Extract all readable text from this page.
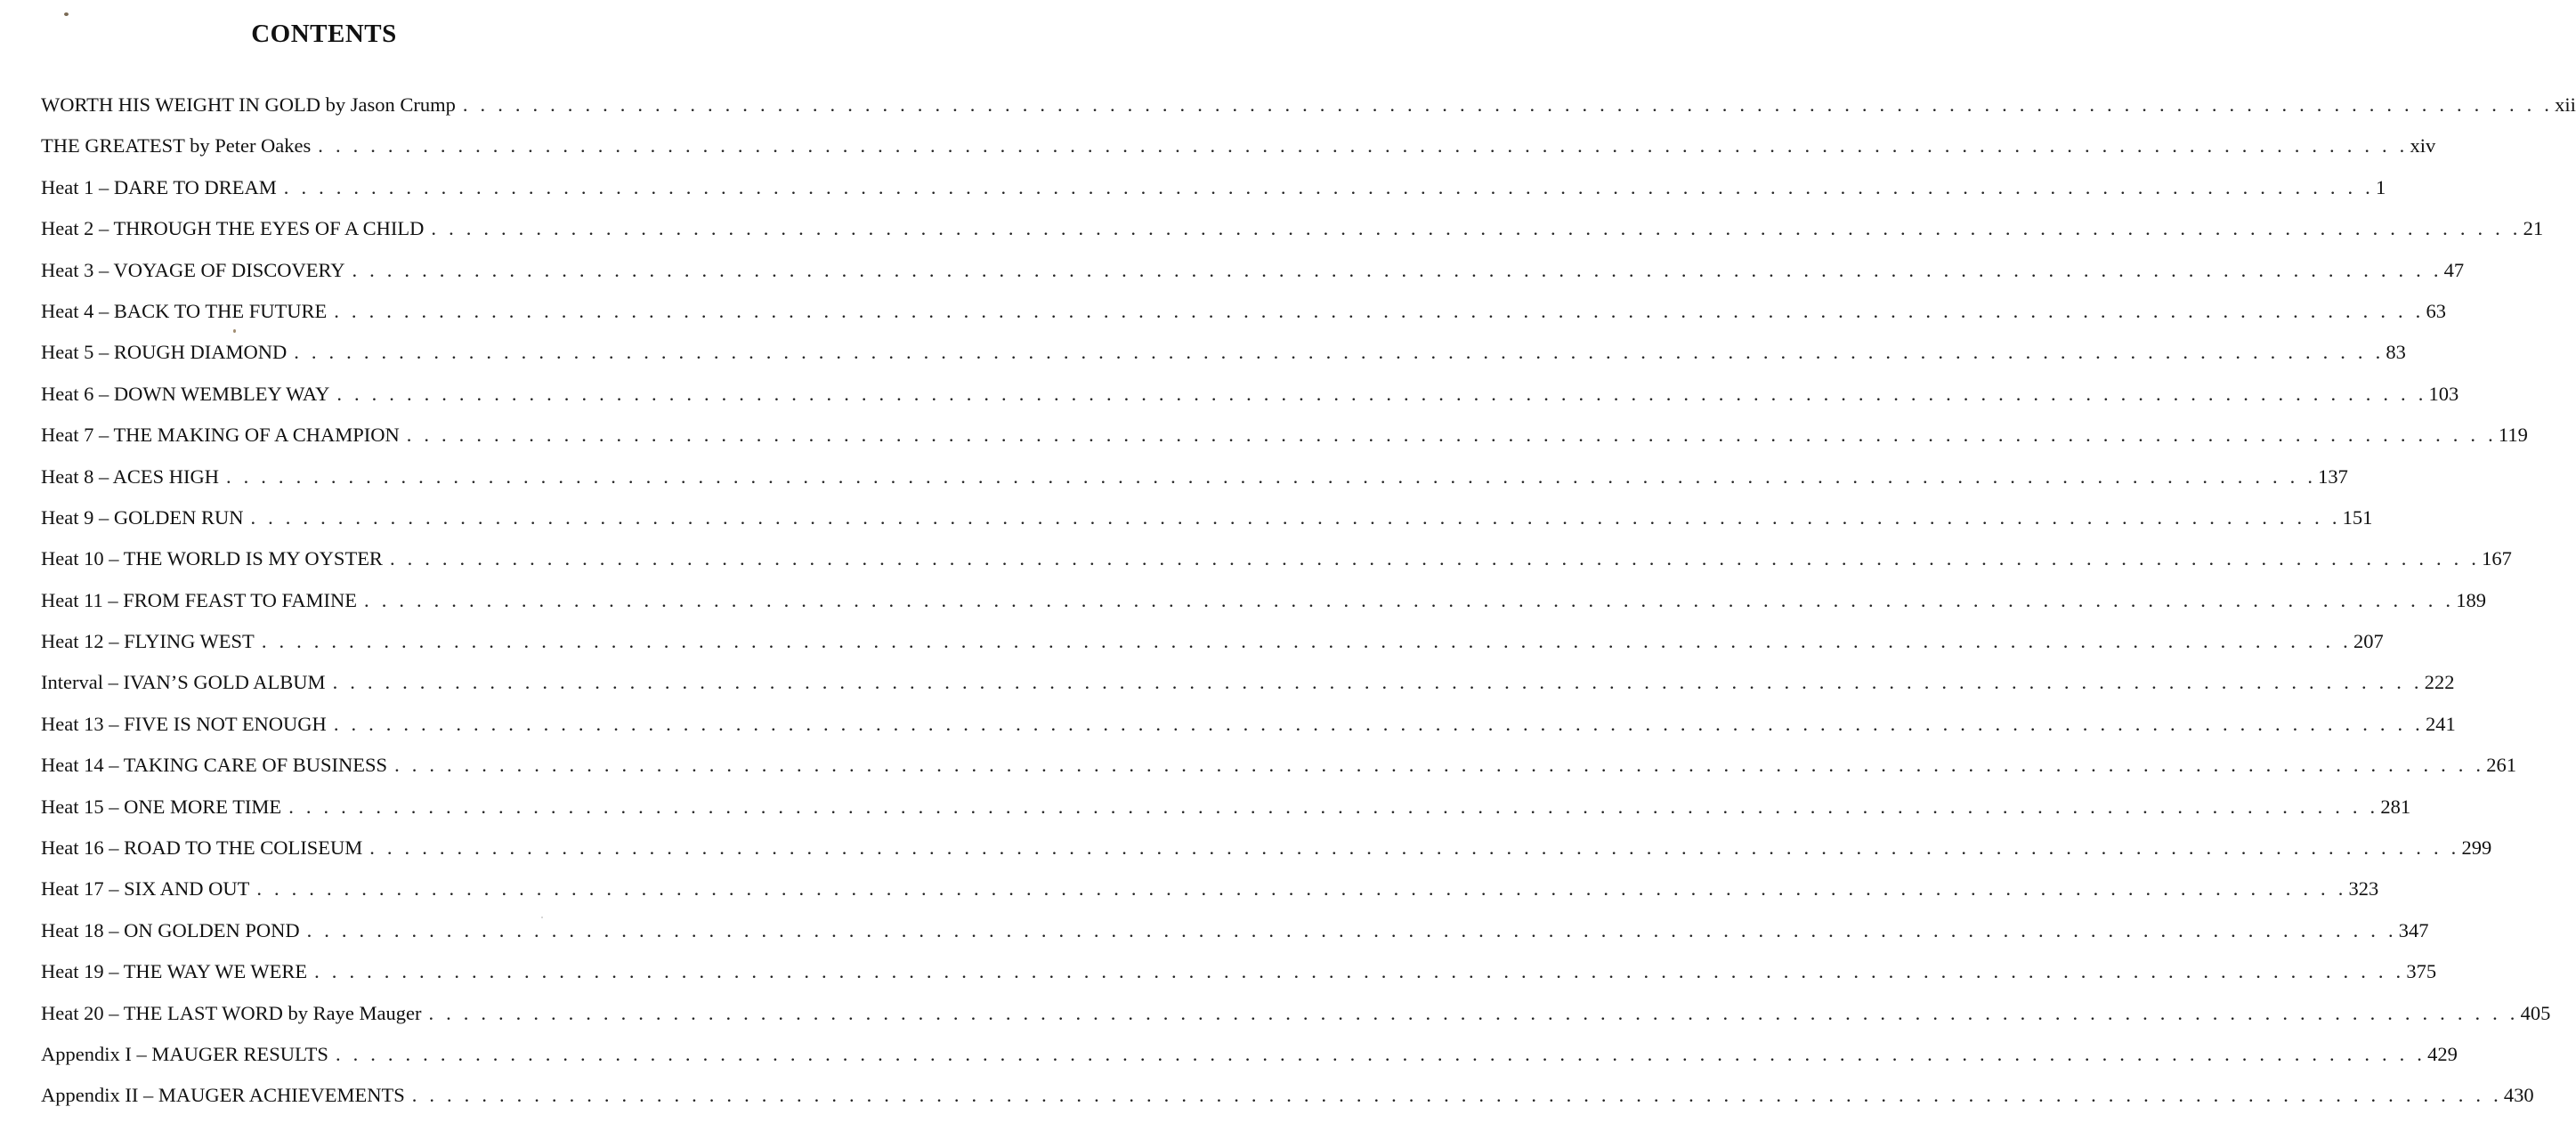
CONTENTS
WORTH HIS WEIGHT IN GOLD by Jason Crump . . . . . . . . . . . . . . . . . . . . . . . . . . . . . . . . . . . . . . . . . . . . . . . . . . . . . . . . . . . . . . . . . . . . . . . . . . . . . . . . . . . . . . . . . . . . . . . . . . . . . . . . . . . . . . . . . . . . . . . . xii
THE GREATEST by Peter Oakes . . . . . . . . . . . . . . . . . . . . . . . . . . . . . . . . . . . . . . . . . . . . . . . . . . . . . . . . . . . . . . . . . . . . . . . . . . . . . . . . . . . . . . . . . . . . . . . . . . . . . . . . . . . . . . . . . . . . . . . . xiv
Heat 1 – DARE TO DREAM . . . . . . . . . . . . . . . . . . . . . . . . . . . . . . . . . . . . . . . . . . . . . . . . . . . . . . . . . . . . . . . . . . . . . . . . . . . . . . . . . . . . . . . . . . . . . . . . . . . . . . . . . . . . . . . . . . . . . . . . 1
Heat 2 – THROUGH THE EYES OF A CHILD . . . . . . . . . . . . . . . . . . . . . . . . . . . . . . . . . . . . . . . . . . . . . . . . . . . . . . . . . . . . . . . . . . . . . . . . . . . . . . . . . . . . . . . . . . . . . . . . . . . . . . . . . . . . . . . . . . . . . . . . 21
Heat 3 – VOYAGE OF DISCOVERY . . . . . . . . . . . . . . . . . . . . . . . . . . . . . . . . . . . . . . . . . . . . . . . . . . . . . . . . . . . . . . . . . . . . . . . . . . . . . . . . . . . . . . . . . . . . . . . . . . . . . . . . . . . . . . . . . . . . . . . . 47
Heat 4 – BACK TO THE FUTURE . . . . . . . . . . . . . . . . . . . . . . . . . . . . . . . . . . . . . . . . . . . . . . . . . . . . . . . . . . . . . . . . . . . . . . . . . . . . . . . . . . . . . . . . . . . . . . . . . . . . . . . . . . . . . . . . . . . . . . . . 63
Heat 5 – ROUGH DIAMOND . . . . . . . . . . . . . . . . . . . . . . . . . . . . . . . . . . . . . . . . . . . . . . . . . . . . . . . . . . . . . . . . . . . . . . . . . . . . . . . . . . . . . . . . . . . . . . . . . . . . . . . . . . . . . . . . . . . . . . . . 83
Heat 6 – DOWN WEMBLEY WAY . . . . . . . . . . . . . . . . . . . . . . . . . . . . . . . . . . . . . . . . . . . . . . . . . . . . . . . . . . . . . . . . . . . . . . . . . . . . . . . . . . . . . . . . . . . . . . . . . . . . . . . . . . . . . . . . . . . . . . . . 103
Heat 7 – THE MAKING OF A CHAMPION . . . . . . . . . . . . . . . . . . . . . . . . . . . . . . . . . . . . . . . . . . . . . . . . . . . . . . . . . . . . . . . . . . . . . . . . . . . . . . . . . . . . . . . . . . . . . . . . . . . . . . . . . . . . . . . . . . . . . . . . 119
Heat 8 – ACES HIGH . . . . . . . . . . . . . . . . . . . . . . . . . . . . . . . . . . . . . . . . . . . . . . . . . . . . . . . . . . . . . . . . . . . . . . . . . . . . . . . . . . . . . . . . . . . . . . . . . . . . . . . . . . . . . . . . . . . . . . . . 137
Heat 9 – GOLDEN RUN . . . . . . . . . . . . . . . . . . . . . . . . . . . . . . . . . . . . . . . . . . . . . . . . . . . . . . . . . . . . . . . . . . . . . . . . . . . . . . . . . . . . . . . . . . . . . . . . . . . . . . . . . . . . . . . . . . . . . . . . 151
Heat 10 – THE WORLD IS MY OYSTER . . . . . . . . . . . . . . . . . . . . . . . . . . . . . . . . . . . . . . . . . . . . . . . . . . . . . . . . . . . . . . . . . . . . . . . . . . . . . . . . . . . . . . . . . . . . . . . . . . . . . . . . . . . . . . . . . . . . . . . . 167
Heat 11 – FROM FEAST TO FAMINE . . . . . . . . . . . . . . . . . . . . . . . . . . . . . . . . . . . . . . . . . . . . . . . . . . . . . . . . . . . . . . . . . . . . . . . . . . . . . . . . . . . . . . . . . . . . . . . . . . . . . . . . . . . . . . . . . . . . . . . . 189
Heat 12 – FLYING WEST . . . . . . . . . . . . . . . . . . . . . . . . . . . . . . . . . . . . . . . . . . . . . . . . . . . . . . . . . . . . . . . . . . . . . . . . . . . . . . . . . . . . . . . . . . . . . . . . . . . . . . . . . . . . . . . . . . . . . . . . 207
Interval – IVAN’S GOLD ALBUM . . . . . . . . . . . . . . . . . . . . . . . . . . . . . . . . . . . . . . . . . . . . . . . . . . . . . . . . . . . . . . . . . . . . . . . . . . . . . . . . . . . . . . . . . . . . . . . . . . . . . . . . . . . . . . . . . . . . . . . . 222
Heat 13 – FIVE IS NOT ENOUGH . . . . . . . . . . . . . . . . . . . . . . . . . . . . . . . . . . . . . . . . . . . . . . . . . . . . . . . . . . . . . . . . . . . . . . . . . . . . . . . . . . . . . . . . . . . . . . . . . . . . . . . . . . . . . . . . . . . . . . . . 241
Heat 14 – TAKING CARE OF BUSINESS . . . . . . . . . . . . . . . . . . . . . . . . . . . . . . . . . . . . . . . . . . . . . . . . . . . . . . . . . . . . . . . . . . . . . . . . . . . . . . . . . . . . . . . . . . . . . . . . . . . . . . . . . . . . . . . . . . . . . . . . 261
Heat 15 – ONE MORE TIME . . . . . . . . . . . . . . . . . . . . . . . . . . . . . . . . . . . . . . . . . . . . . . . . . . . . . . . . . . . . . . . . . . . . . . . . . . . . . . . . . . . . . . . . . . . . . . . . . . . . . . . . . . . . . . . . . . . . . . . . 281
Heat 16 – ROAD TO THE COLISEUM . . . . . . . . . . . . . . . . . . . . . . . . . . . . . . . . . . . . . . . . . . . . . . . . . . . . . . . . . . . . . . . . . . . . . . . . . . . . . . . . . . . . . . . . . . . . . . . . . . . . . . . . . . . . . . . . . . . . . . . . 299
Heat 17 – SIX AND OUT . . . . . . . . . . . . . . . . . . . . . . . . . . . . . . . . . . . . . . . . . . . . . . . . . . . . . . . . . . . . . . . . . . . . . . . . . . . . . . . . . . . . . . . . . . . . . . . . . . . . . . . . . . . . . . . . . . . . . . . . 323
Heat 18 – ON GOLDEN POND . . . . . . . . . . . . . . . . . . . . . . . . . . . . . . . . . . . . . . . . . . . . . . . . . . . . . . . . . . . . . . . . . . . . . . . . . . . . . . . . . . . . . . . . . . . . . . . . . . . . . . . . . . . . . . . . . . . . . . . . 347
Heat 19 – THE WAY WE WERE . . . . . . . . . . . . . . . . . . . . . . . . . . . . . . . . . . . . . . . . . . . . . . . . . . . . . . . . . . . . . . . . . . . . . . . . . . . . . . . . . . . . . . . . . . . . . . . . . . . . . . . . . . . . . . . . . . . . . . . . 375
Heat 20 – THE LAST WORD by Raye Mauger . . . . . . . . . . . . . . . . . . . . . . . . . . . . . . . . . . . . . . . . . . . . . . . . . . . . . . . . . . . . . . . . . . . . . . . . . . . . . . . . . . . . . . . . . . . . . . . . . . . . . . . . . . . . . . . . . . . . . . . . 405
Appendix I – MAUGER RESULTS . . . . . . . . . . . . . . . . . . . . . . . . . . . . . . . . . . . . . . . . . . . . . . . . . . . . . . . . . . . . . . . . . . . . . . . . . . . . . . . . . . . . . . . . . . . . . . . . . . . . . . . . . . . . . . . . . . . . . . . . 429
Appendix II – MAUGER ACHIEVEMENTS . . . . . . . . . . . . . . . . . . . . . . . . . . . . . . . . . . . . . . . . . . . . . . . . . . . . . . . . . . . . . . . . . . . . . . . . . . . . . . . . . . . . . . . . . . . . . . . . . . . . . . . . . . . . . . . . . . . . . . . . 430
